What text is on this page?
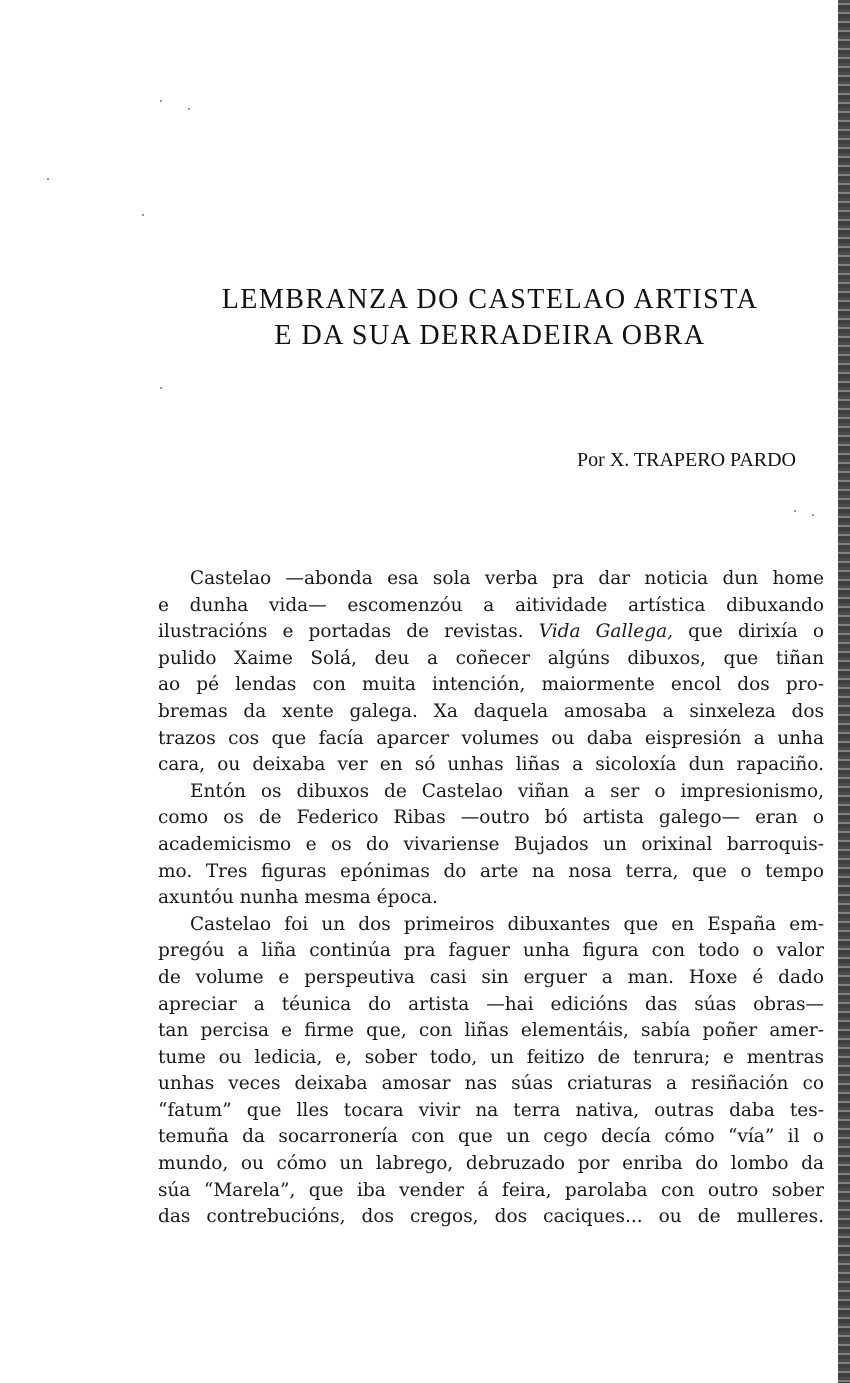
LEMBRANZA DO CASTELAO ARTISTA
E DA SUA DERRADEIRA OBRA
Por X. TRAPERO PARDO

Castelao —abonda esa sola verba pra dar noticia dun home
e dunha vida— escomenzóu a aitividade artística dibuxando
ilustracións e portadas de revistas. Vida Gallega, que dirixía o
pulido Xaime Solá, deu a coñecer algúns dibuxos, que tiñan
ao pé lendas con muita intención, maiormente encol dos pro-
bremas da xente galega. Xa daquela amosaba a sinxeleza dos
trazos cos que facía aparcer volumes ou daba eispresión a unha
cara, ou deixaba ver en só unhas liñas a sicoloxía dun rapaciño.

Entón os dibuxos de Castelao viñan a ser o impresionismo,
como os de Federico Ribas —outro bó artista galego— eran o
academicismo e os do vivariense Bujados un orixinal barroquis-
mo. Tres figuras epónimas do arte na nosa terra, que o tempo
axuntóu nunha mesma época.

Castelao foi un dos primeiros dibuxantes que en España em-
pregóu a liña continúa pra faguer unha figura con todo o valor
de volume e perspeutiva casi sin erguer a man. Hoxe é dado
apreciar a téunica do artista —hai edicións das súas obras—
tan percisa e firme que, con liñas elementáis, sabía poñer amer-
tume ou ledicia, e, sober todo, un feitizo de tenrura; e mentras
unhas veces deixaba amosar nas súas criaturas a resiñación co
“fatum” que lles tocara vivir na terra nativa, outras daba tes-
temuña da socarronería con que un cego decía cómo “vía” il o
mundo, ou cómo un labrego, debruzado por enriba do lombo da
súa “Marela”, que iba vender á feira, parolaba con outro sober
das contrebucións, dos cregos, dos caciques... ou de mulleres.
